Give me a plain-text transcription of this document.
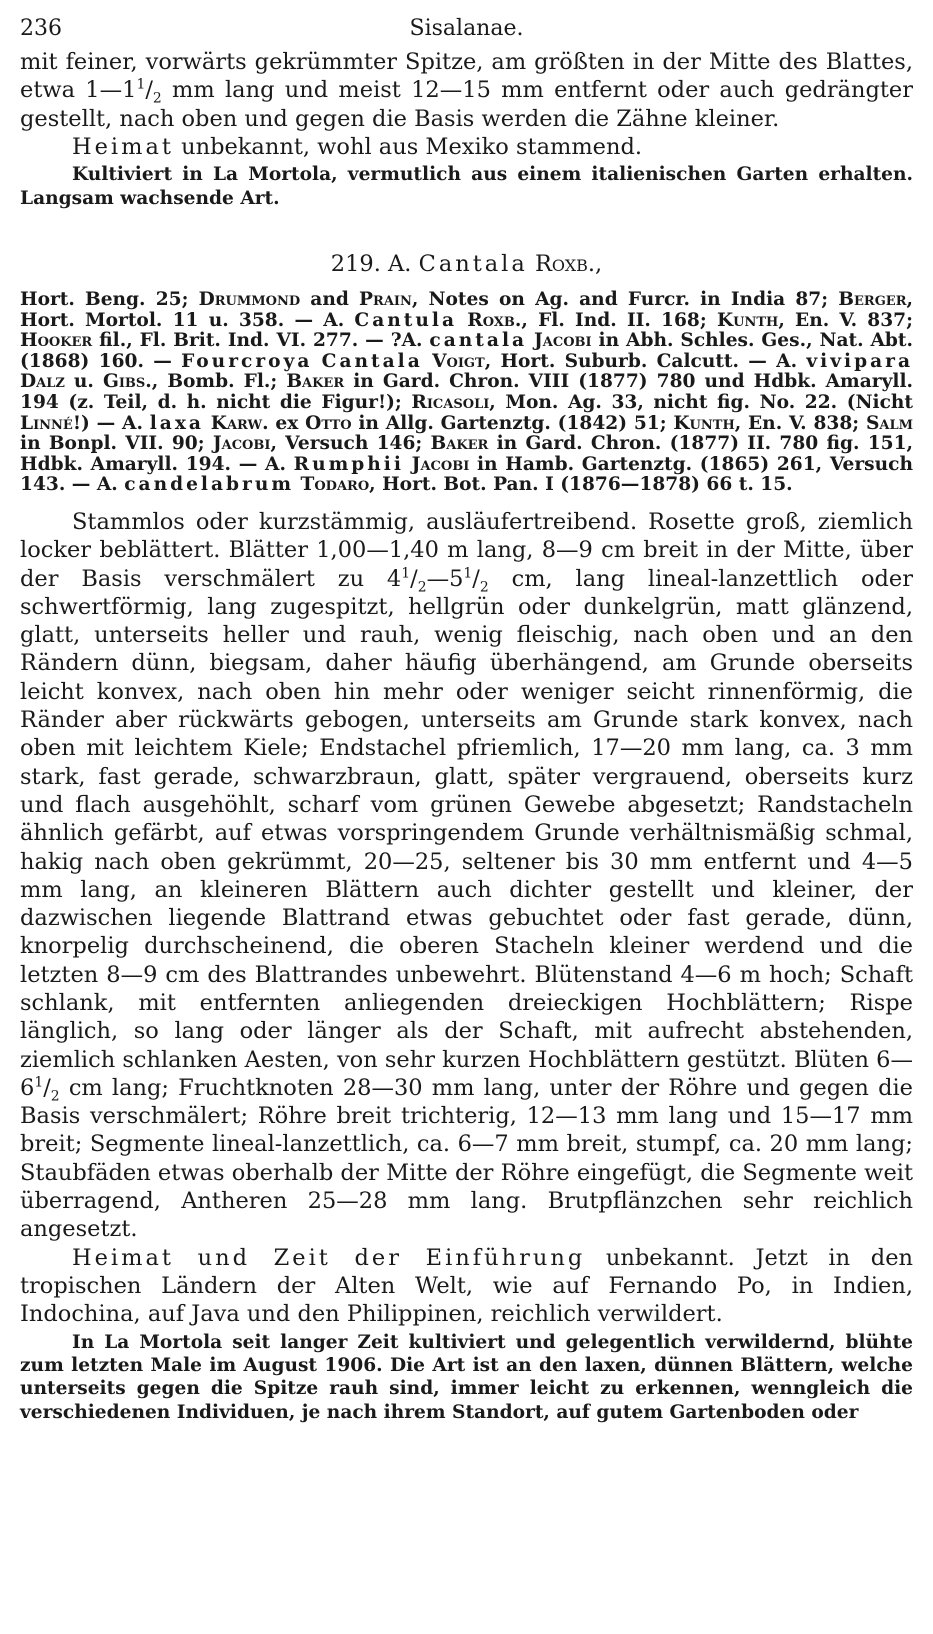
236	Sisalanae.

mit feiner, vorwärts gekrümmter Spitze, am größten in der Mitte des Blattes, etwa $1—1^1/_2$ mm lang und meist 12—15 mm entfernt oder auch gedrängter gestellt, nach oben und gegen die Basis werden die Zähne kleiner.

Heimat unbekannt, wohl aus Mexiko stammend.

Kultiviert in La Mortola, vermutlich aus einem italienischen Garten erhalten. Langsam wachsende Art.

219. A. Cantala Roxb.,

Hort. Beng. 25; Drummond and Prain, Notes on Ag. and Furcr. in India 87; Berger, Hort. Mortol. 11 u. 358. — A. Cantula Roxb., Fl. Ind. II. 168; Kunth, En. V. 837; Hooker fil., Fl. Brit. Ind. VI. 277. — ?A. cantala Jacobi in Abh. Schles. Ges., Nat. Abt. (1868) 160. — Fourcroya Cantala Voigt, Hort. Suburb. Calcutt. — A. vivipara Dalz u. Gibs., Bomb. Fl.; Baker in Gard. Chron. VIII (1877) 780 und Hdbk. Amaryll. 194 (z. Teil, d. h. nicht die Figur!); Ricasoli, Mon. Ag. 33, nicht fig. No. 22. (Nicht Linné!) — A. laxa Karw. ex Otto in Allg. Gartenztg. (1842) 51; Kunth, En. V. 838; Salm in Bonpl. VII. 90; Jacobi, Versuch 146; Baker in Gard. Chron. (1877) II. 780 fig. 151, Hdbk. Amaryll. 194. — A. Rumphii Jacobi in Hamb. Gartenztg. (1865) 261, Versuch 143. — A. candelabrum Todaro, Hort. Bot. Pan. I (1876—1878) 66 t. 15.

Stammlos oder kurzstämmig, ausläufertreibend. Rosette groß, ziemlich locker beblättert. Blätter 1,00—1,40 m lang, 8—9 cm breit in der Mitte, über der Basis verschmälert zu $4^1/_2—5^1/_2$ cm, lang lineal-lanzettlich oder schwertförmig, lang zugespitzt, hellgrün oder dunkelgrün, matt glänzend, glatt, unterseits heller und rauh, wenig fleischig, nach oben und an den Rändern dünn, biegsam, daher häufig überhängend, am Grunde oberseits leicht konvex, nach oben hin mehr oder weniger seicht rinnenförmig, die Ränder aber rückwärts gebogen, unterseits am Grunde stark konvex, nach oben mit leichtem Kiele; Endstachel pfriemlich, 17—20 mm lang, ca. 3 mm stark, fast gerade, schwarzbraun, glatt, später vergrauend, oberseits kurz und flach ausgehöhlt, scharf vom grünen Gewebe abgesetzt; Randstacheln ähnlich gefärbt, auf etwas vorspringendem Grunde verhältnismäßig schmal, hakig nach oben gekrümmt, 20—25, seltener bis 30 mm entfernt und 4—5 mm lang, an kleineren Blättern auch dichter gestellt und kleiner, der dazwischen liegende Blattrand etwas gebuchtet oder fast gerade, dünn, knorpelig durchscheinend, die oberen Stacheln kleiner werdend und die letzten 8—9 cm des Blattrandes unbewehrt. Blütenstand 4—6 m hoch; Schaft schlank, mit entfernten anliegenden dreieckigen Hochblättern; Rispe länglich, so lang oder länger als der Schaft, mit aufrecht abstehenden, ziemlich schlanken Aesten, von sehr kurzen Hochblättern gestützt. Blüten $6—6^1/_2$ cm lang; Fruchtknoten 28—30 mm lang, unter der Röhre und gegen die Basis verschmälert; Röhre breit trichterig, 12—13 mm lang und 15—17 mm breit; Segmente lineal-lanzettlich, ca. 6—7 mm breit, stumpf, ca. 20 mm lang; Staubfäden etwas oberhalb der Mitte der Röhre eingefügt, die Segmente weit überragend, Antheren 25—28 mm lang. Brutpflänzchen sehr reichlich angesetzt.

Heimat und Zeit der Einführung unbekannt. Jetzt in den tropischen Ländern der Alten Welt, wie auf Fernando Po, in Indien, Indochina, auf Java und den Philippinen, reichlich verwildert.

In La Mortola seit langer Zeit kultiviert und gelegentlich verwildernd, blühte zum letzten Male im August 1906. Die Art ist an den laxen, dünnen Blättern, welche unterseits gegen die Spitze rauh sind, immer leicht zu erkennen, wenngleich die verschiedenen Individuen, je nach ihrem Standort, auf gutem Gartenboden oder
